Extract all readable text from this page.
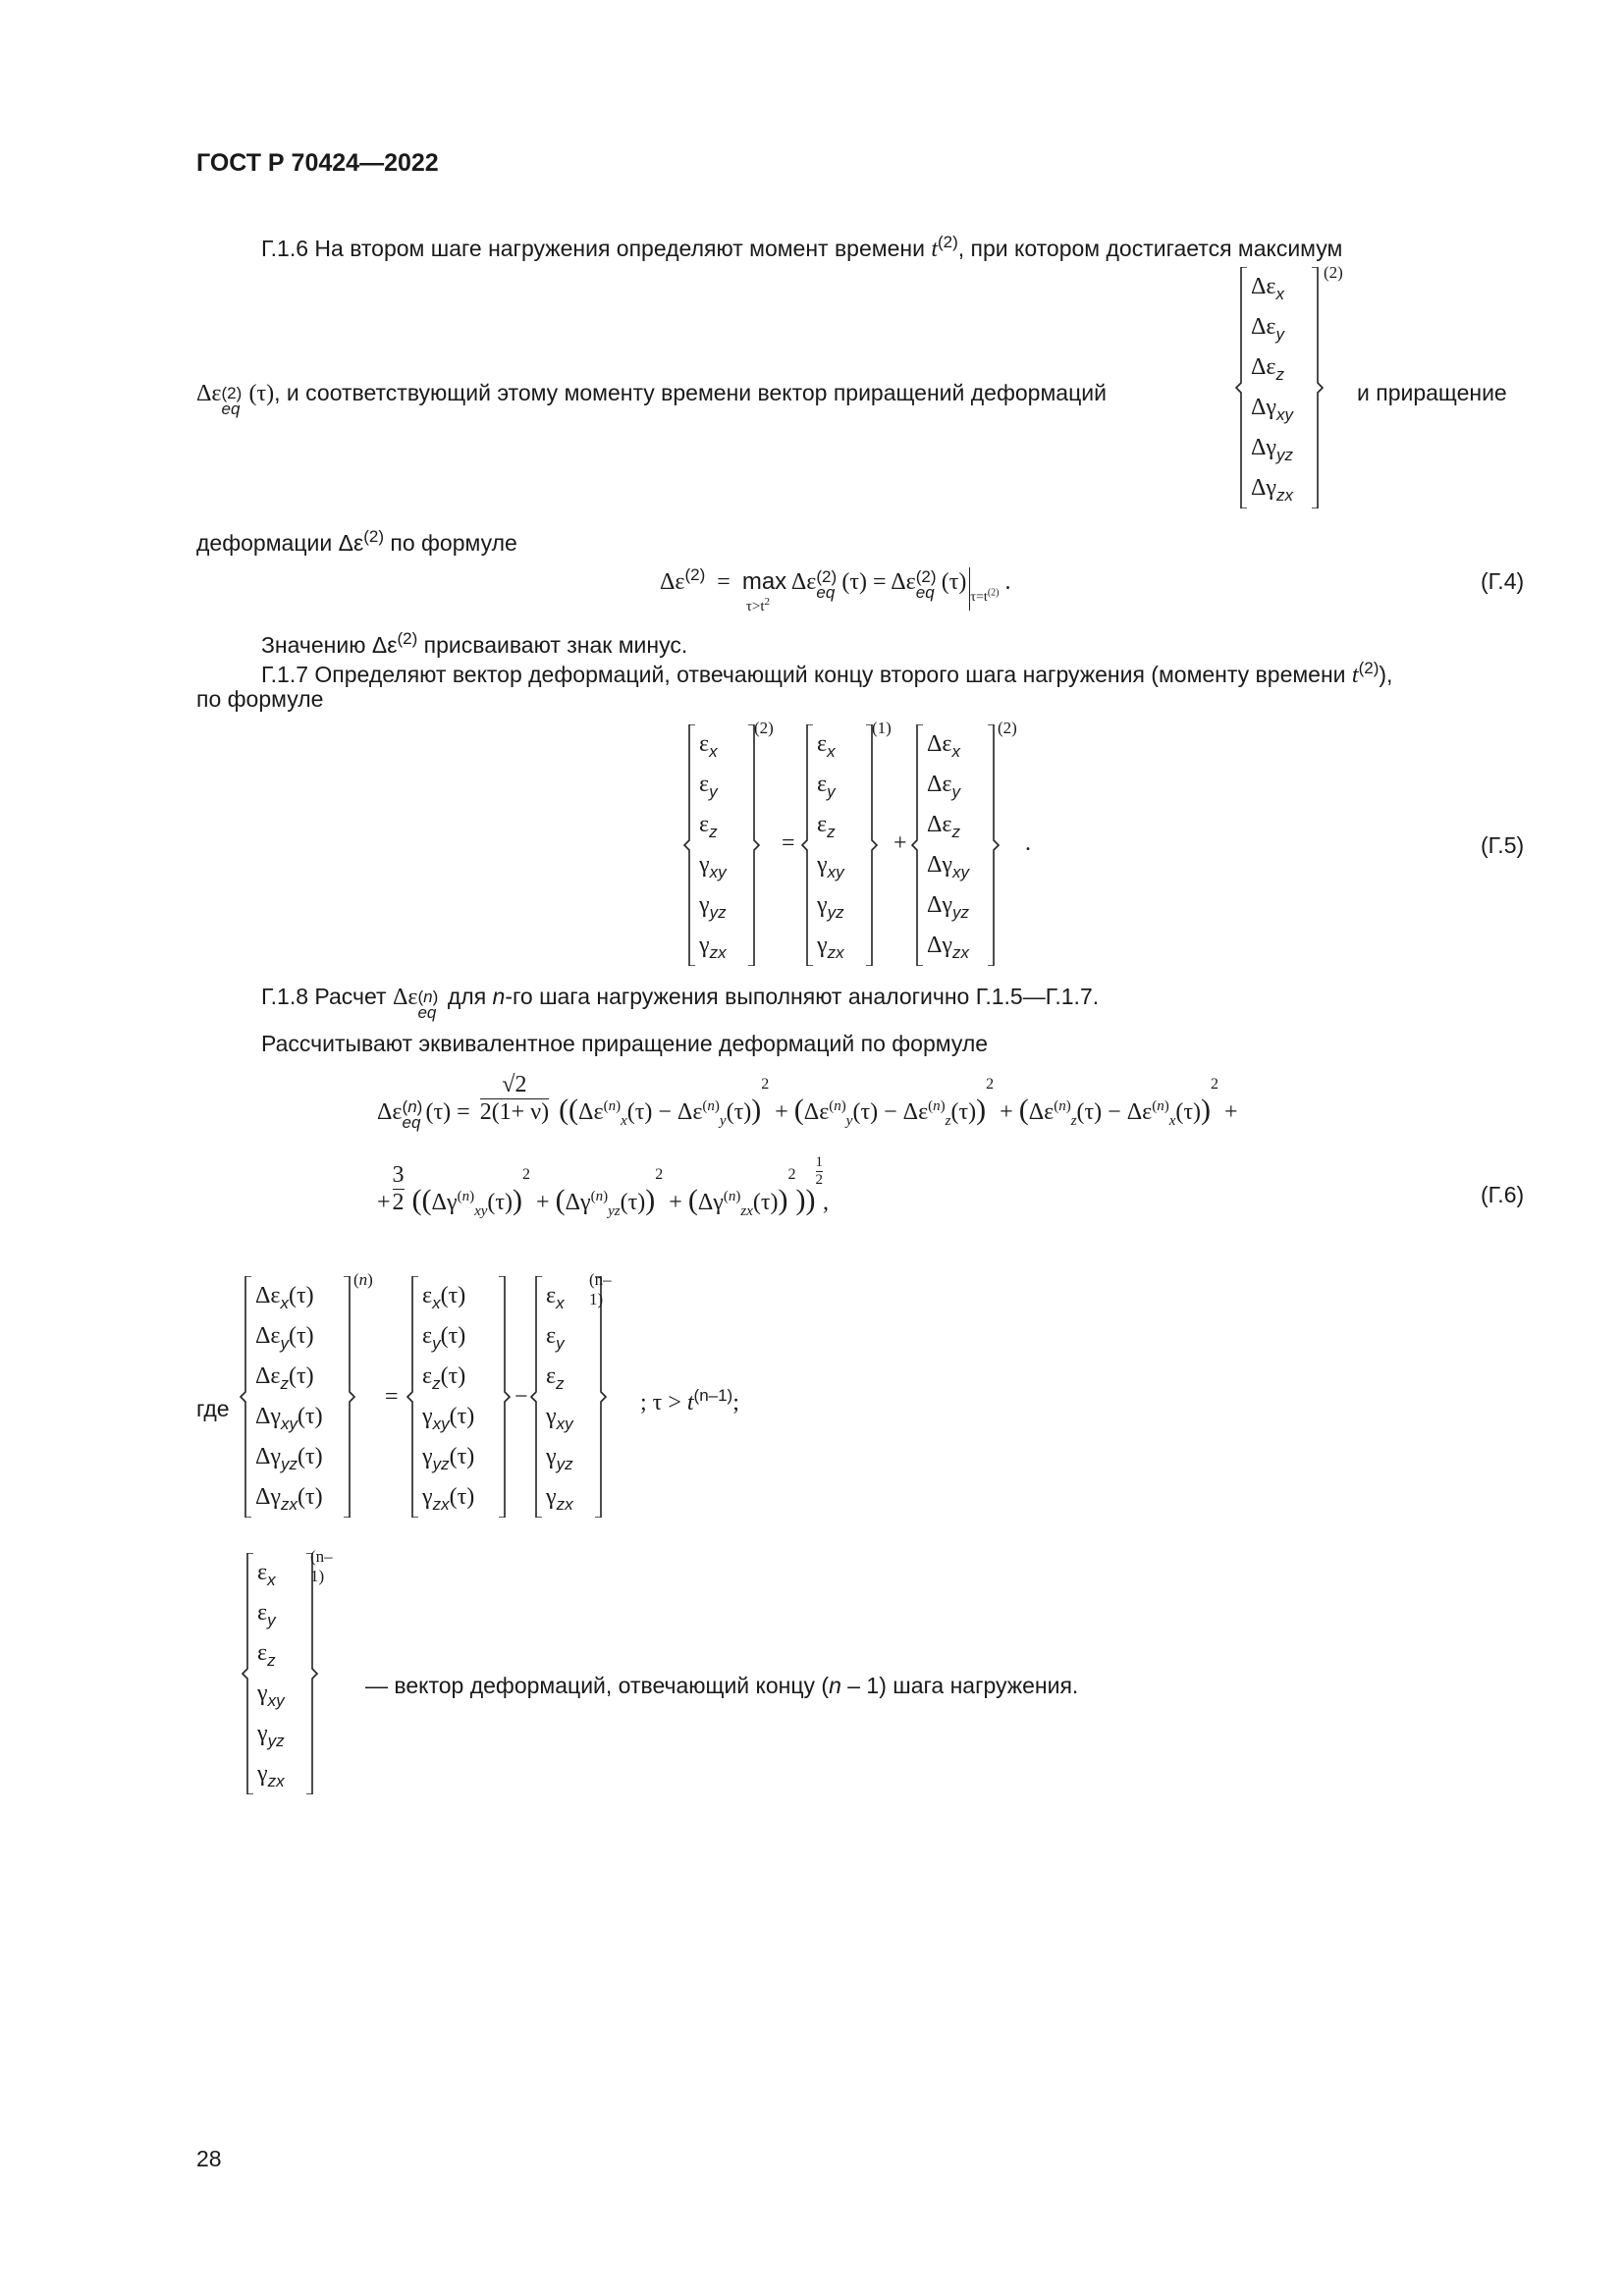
ГОСТ Р 70424—2022
Г.1.6 На втором шаге нагружения определяют момент времени $t^{(2)}$, при котором достигается максимум
Δε (2)
eq
(τ), и соответствующий этому моменту времени вектор приращений деформаций
$\Delta\varepsilon_x$
$\Delta\varepsilon_y$
$\Delta\varepsilon_z$
$\Delta\gamma_{xy}$
$\Delta\gamma_{yz}$
$\Delta\gamma_{zx}$
(2)
и приращение
деформации $\Delta\varepsilon^{(2)}$ по формуле
$\Delta\varepsilon^{(2)} = \max$
$\tau>t^2$
Δε (2)
eq (τ) = Δε (2)
eq $(\tau)_{\tau=t^{(2)}}$ .	(Г.4)
Значению $\Delta\varepsilon^{(2)}$ присваивают знак минус.
Г.1.7 Определяют вектор деформаций, отвечающий концу второго шага нагружения (моменту времени $t^{(2)}$),
по формуле
$\varepsilon_x$
$\varepsilon_y$
$\varepsilon_z$
$\gamma_{xy}$
$\gamma_{yz}$
$\gamma_{zx}$
(2)
=
$\varepsilon_x$
$\varepsilon_y$
$\varepsilon_z$
$\gamma_{xy}$
$\gamma_{yz}$
$\gamma_{zx}$
(1)
+
$\Delta\varepsilon_x$
$\Delta\varepsilon_y$
$\Delta\varepsilon_z$
$\Delta\gamma_{xy}$
$\Delta\gamma_{yz}$
$\Delta\gamma_{zx}$
(2)
.	(Г.5)
Г.1.8 Расчет Δε (n)
eq
для n-го шага нагружения выполняют аналогично Г.1.5—Г.1.7.
Рассчитывают эквивалентное приращение деформаций по формуле
Δε (n)
eq $(\tau) = \frac{√2}{2(1+ \nu)} ((\Delta\varepsilon^{(n)}_x(\tau) - \Delta\varepsilon^{(n)}_y(\tau))^2 + (\Delta\varepsilon^{(n)}_y(\tau) - \Delta\varepsilon^{(n)}_z(\tau))^2 + (\Delta\varepsilon^{(n)}_z(\tau) - \Delta\varepsilon^{(n)}_x(\tau))^2$ +
+ $\frac{3}{2} ((\Delta\gamma^{(n)}_{xy}(\tau))^2 + (\Delta\gamma^{(n)}_{yz}(\tau))^2 + (\Delta\gamma^{(n)}_{zx}(\tau))^2)$)
$\frac{1}{2}$
,	(Г.6)
где
$\Delta\varepsilon_x(\tau)$
$\Delta\varepsilon_y(\tau)$
$\Delta\varepsilon_z(\tau)$
$\Delta\gamma_{xy}(\tau)$
$\Delta\gamma_{yz}(\tau)$
$\Delta\gamma_{zx}(\tau)$
(n)
=
$\varepsilon_x(\tau)$
$\varepsilon_y(\tau)$
$\varepsilon_z(\tau)$
$\gamma_{xy}(\tau)$
$\gamma_{yz}(\tau)$
$\gamma_{zx}(\tau)$
−
$\varepsilon_x$
$\varepsilon_y$
$\varepsilon_z$
$\gamma_{xy}$
$\gamma_{yz}$
$\gamma_{zx}$
(n–1)
; $\tau > t^{(n-1)}$;
$\varepsilon_x$
$\varepsilon_y$
$\varepsilon_z$
$\gamma_{xy}$
$\gamma_{yz}$
$\gamma_{zx}$
(n–1)
— вектор деформаций, отвечающий концу (n – 1) шага нагружения.
28
